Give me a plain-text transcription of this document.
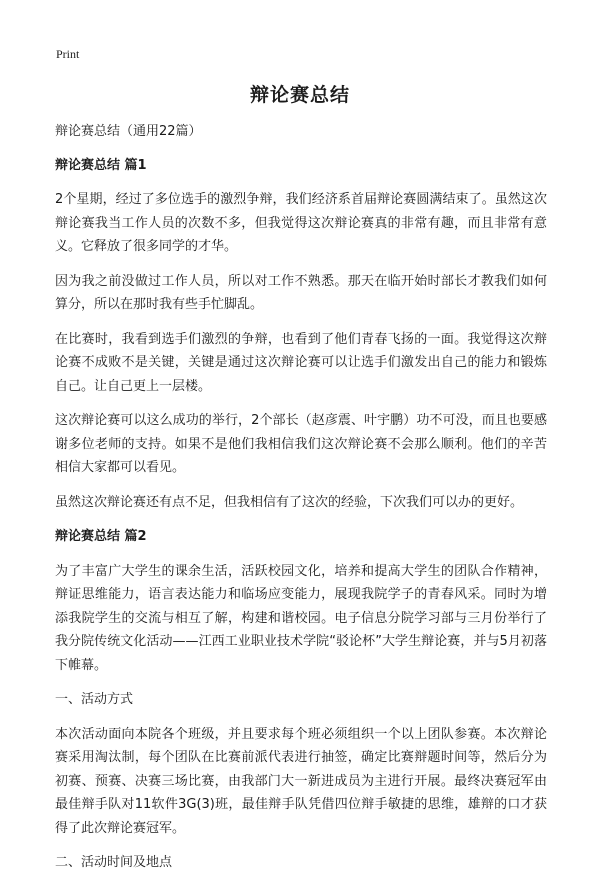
Print
辩论赛总结

辩论赛总结（通用22篇）

辩论赛总结 篇1

2个星期，经过了多位选手的激烈争辩，我们经济系首届辩论赛圆满结束了。虽然这次辩论赛我当工作人员的次数不多，但我觉得这次辩论赛真的非常有趣，而且非常有意义。它释放了很多同学的才华。

因为我之前没做过工作人员，所以对工作不熟悉。那天在临开始时部长才教我们如何算分，所以在那时我有些手忙脚乱。

在比赛时，我看到选手们激烈的争辩，也看到了他们青春飞扬的一面。我觉得这次辩论赛不成败不是关键，关键是通过这次辩论赛可以让选手们激发出自己的能力和锻炼自己。让自己更上一层楼。

这次辩论赛可以这么成功的举行，2个部长（赵彦震、叶宇鹏）功不可没，而且也要感谢多位老师的支持。如果不是他们我相信我们这次辩论赛不会那么顺利。他们的辛苦相信大家都可以看见。

虽然这次辩论赛还有点不足，但我相信有了这次的经验，下次我们可以办的更好。

辩论赛总结 篇2

为了丰富广大学生的课余生活，活跃校园文化，培养和提高大学生的团队合作精神，辩证思维能力，语言表达能力和临场应变能力，展现我院学子的青春风采。同时为增添我院学生的交流与相互了解，构建和谐校园。电子信息分院学习部与三月份举行了我分院传统文化活动——江西工业职业技术学院“驳论杯”大学生辩论赛，并与5月初落下帷幕。

一、活动方式

本次活动面向本院各个班级，并且要求每个班必须组织一个以上团队参赛。本次辩论赛采用淘汰制，每个团队在比赛前派代表进行抽签，确定比赛辩题时间等，然后分为初赛、预赛、决赛三场比赛，由我部门大一新进成员为主进行开展。最终决赛冠军由最佳辩手队对11软件3G(3)班，最佳辩手队凭借四位辩手敏捷的思维，雄辩的口才获得了此次辩论赛冠军。

二、活动时间及地点
